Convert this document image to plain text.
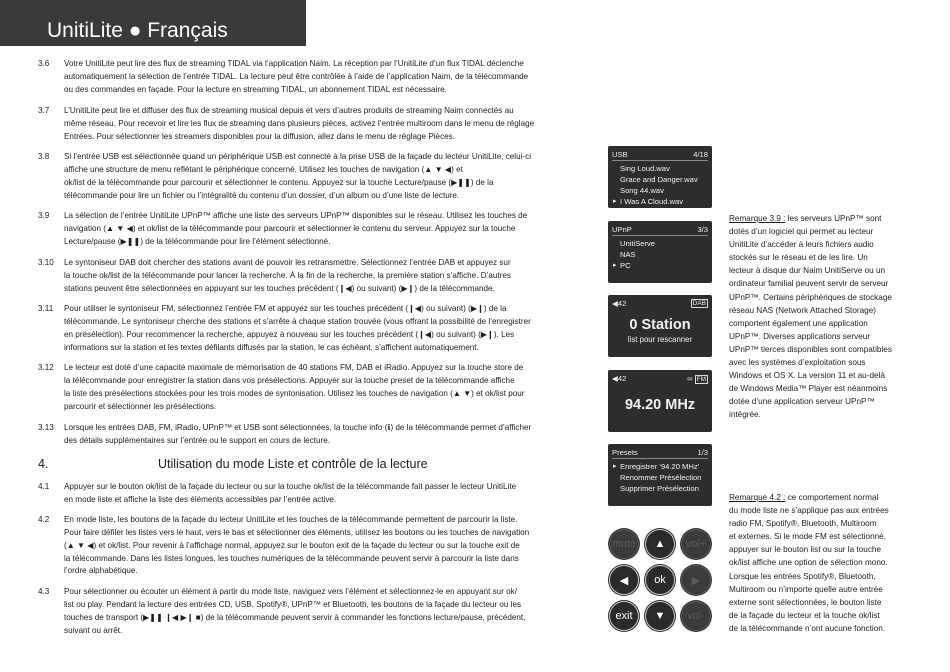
UnitiLite ● Français
3.6 Votre UnitiLite peut lire des flux de streaming TIDAL via l’application Naim. La réception par l’UnitiLite d’un flux TIDAL déclenche
automatiquement la sélection de l’entrée TIDAL. La lecture peut être contrôlée à l’aide de l’application Naim, de la télécommande
ou des commandes en façade. Pour la lecture en streaming TIDAL, un abonnement TIDAL est nécessaire.
3.7 L’UnitiLite peut lire et diffuser des flux de streaming musical depuis et vers d’autres produits de streaming Naim connectés au
même réseau. Pour recevoir et lire les flux de streaming dans plusieurs pièces, activez l’entrée multiroom dans le menu de réglage
Entrées. Pour sélectionner les streamers disponibles pour la diffusion, allez dans le menu de réglage Pièces.
3.8 Si l’entrée USB est sélectionnée quand un périphérique USB est connecté à la prise USB de la façade du lecteur UnitiLite, celui-ci
affiche une structure de menu reflétant le périphérique concerné. Utilisez les touches de navigation (▲ ▼ ◀) et
ok/list de la télécommande pour parcourir et sélectionner le contenu. Appuyez sur la touche Lecture/pause (▶❚❚) de la
télécommande pour lire un fichier ou l’intégralité du contenu d’un dossier, d’un album ou d’une liste de lecture.
3.9 La sélection de l’entrée UnitiLite UPnP™ affiche une liste des serveurs UPnP™ disponibles sur le réseau. Utilisez les touches de
navigation (▲ ▼ ◀) et ok/list de la télécommande pour parcourir et sélectionner le contenu du serveur. Appuyez sur la touche
Lecture/pause (▶❚❚) de la télécommande pour lire l’élément sélectionné.
3.10 Le syntoniseur DAB doit chercher des stations avant de pouvoir les retransmettre. Sélectionnez l’entrée DAB et appuyez sur
la touche ok/list de la télécommande pour lancer la recherche. À la fin de la recherche, la première station s’affiche. D’autres
stations peuvent être sélectionnées en appuyant sur les touches précédent (❙◀) ou suivant) (▶❙) de la télécommande.
3.11 Pour utiliser le syntoniseur FM, sélectionnez l’entrée FM et appuyez sur les touches précédent (❙◀) ou suivant) (▶❙) de la
télécommande. Le syntoniseur cherche des stations et s’arrête à chaque station trouvée (vous offrant la possibilité de l’enregistrer
en présélection). Pour recommencer la recherche, appuyez à nouveau sur les touches précédent (❙◀) ou suivant) (▶❙). Les
informations sur la station et les textes défilants diffusés par la station, le cas échéant, s’affichent automatiquement.
3.12 Le lecteur est doté d’une capacité maximale de mémorisation de 40 stations FM, DAB et iRadio. Appuyez sur la touche store de
la télécommande pour enregistrer la station dans vos présélections. Appuyer sur la touche preset de la télécommande affiche
la liste des présélections stockées pour les trois modes de syntonisation. Utilisez les touches de navigation (▲ ▼) et ok/list pour
parcourir et sélectionner les présélections.
3.13 Lorsque les entrées DAB, FM, iRadio, UPnP™ et USB sont sélectionnées, la touche info (ℹ) de la télécommande permet d’afficher
des détails supplémentaires sur l’entrée ou le support en cours de lecture.
4.	Utilisation du mode Liste et contrôle de la lecture
4.1 Appuyer sur le bouton ok/list de la façade du lecteur ou sur la touche ok/list de la télécommande fait passer le lecteur UnitiLite
en mode liste et affiche la liste des éléments accessibles par l’entrée active.
4.2 En mode liste, les boutons de la façade du lecteur UnitiLite et les touches de la télécommande permettent de parcourir la liste.
Pour faire défiler les listes vers le haut, vers le bas et sélectionner des éléments, utilisez les boutons ou les touches de navigation
(▲ ▼ ◀) et ok/list. Pour revenir à l’affichage normal, appuyez sur le bouton exit de la façade du lecteur ou sur la touche exit de
la télécommande. Dans les listes longues, les touches numériques de la télécommande peuvent servir à parcourir la liste dans
l’ordre alphabétique.
4.3 Pour sélectionner ou écouter un élément à partir du mode liste, naviguez vers l’élément et sélectionnez-le en appuyant sur ok/
list ou play. Pendant la lecture des entrées CD, USB, Spotify®, UPnP™ et Bluetooth, les boutons de la façade du lecteur ou les
touches de transport (▶❚❚ ❙◀ ▶❙ ■) de la télécommande peuvent servir à commander les fonctions lecture/pause, précédent,
suivant ou arrêt.
USB	4/18
Sing Loud.wav
Grace and Danger.wav
Song 44.wav
▸ I Was A Cloud.wav
UPnP	3/3
UnitiServe
NAS
▸ PC
◀42	DAB
0 Station
list pour rescanner
◀42	∞ FM
94.20 MHz
Presets	1/3
▸ Enregistrer ‘94.20 MHz’
Renommer Présélection
Supprimer Présélection
mute ▲ vol+
◀ ok ▶
exit ▼ vol-
Remarque 3.9 : les serveurs UPnP™ sont
dotés d’un logiciel qui permet au lecteur
UnitiLite d’accéder à leurs fichiers audio
stockés sur le réseau et de les lire. Un
lecteur à disque dur Naim UnitiServe ou un
ordinateur familial peuvent servir de serveur
UPnP™. Certains périphériques de stockage
réseau NAS (Network Attached Storage)
comportent également une application
UPnP™. Diverses applications serveur
UPnP™ tierces disponibles sont compatibles
avec les systèmes d’exploitation sous
Windows et OS X. La version 11 et au-delà
de Windows Media™ Player est néanmoins
dotée d’une application serveur UPnP™
intégrée.
Remarque 4.2 : ce comportement normal
du mode liste ne s’applique pas aux entrées
radio FM, Spotify®, Bluetooth, Multiroom
et externes. Si le mode FM est sélectionné,
appuyer sur le bouton list ou sur la touche
ok/list affiche une option de sélection mono.
Lorsque les entrées Spotify®, Bluetooth,
Multiroom ou n’importe quelle autre entrée
externe sont sélectionnées, le bouton liste
de la façade du lecteur et la touche ok/list
de la télécommande n’ont aucune fonction.
